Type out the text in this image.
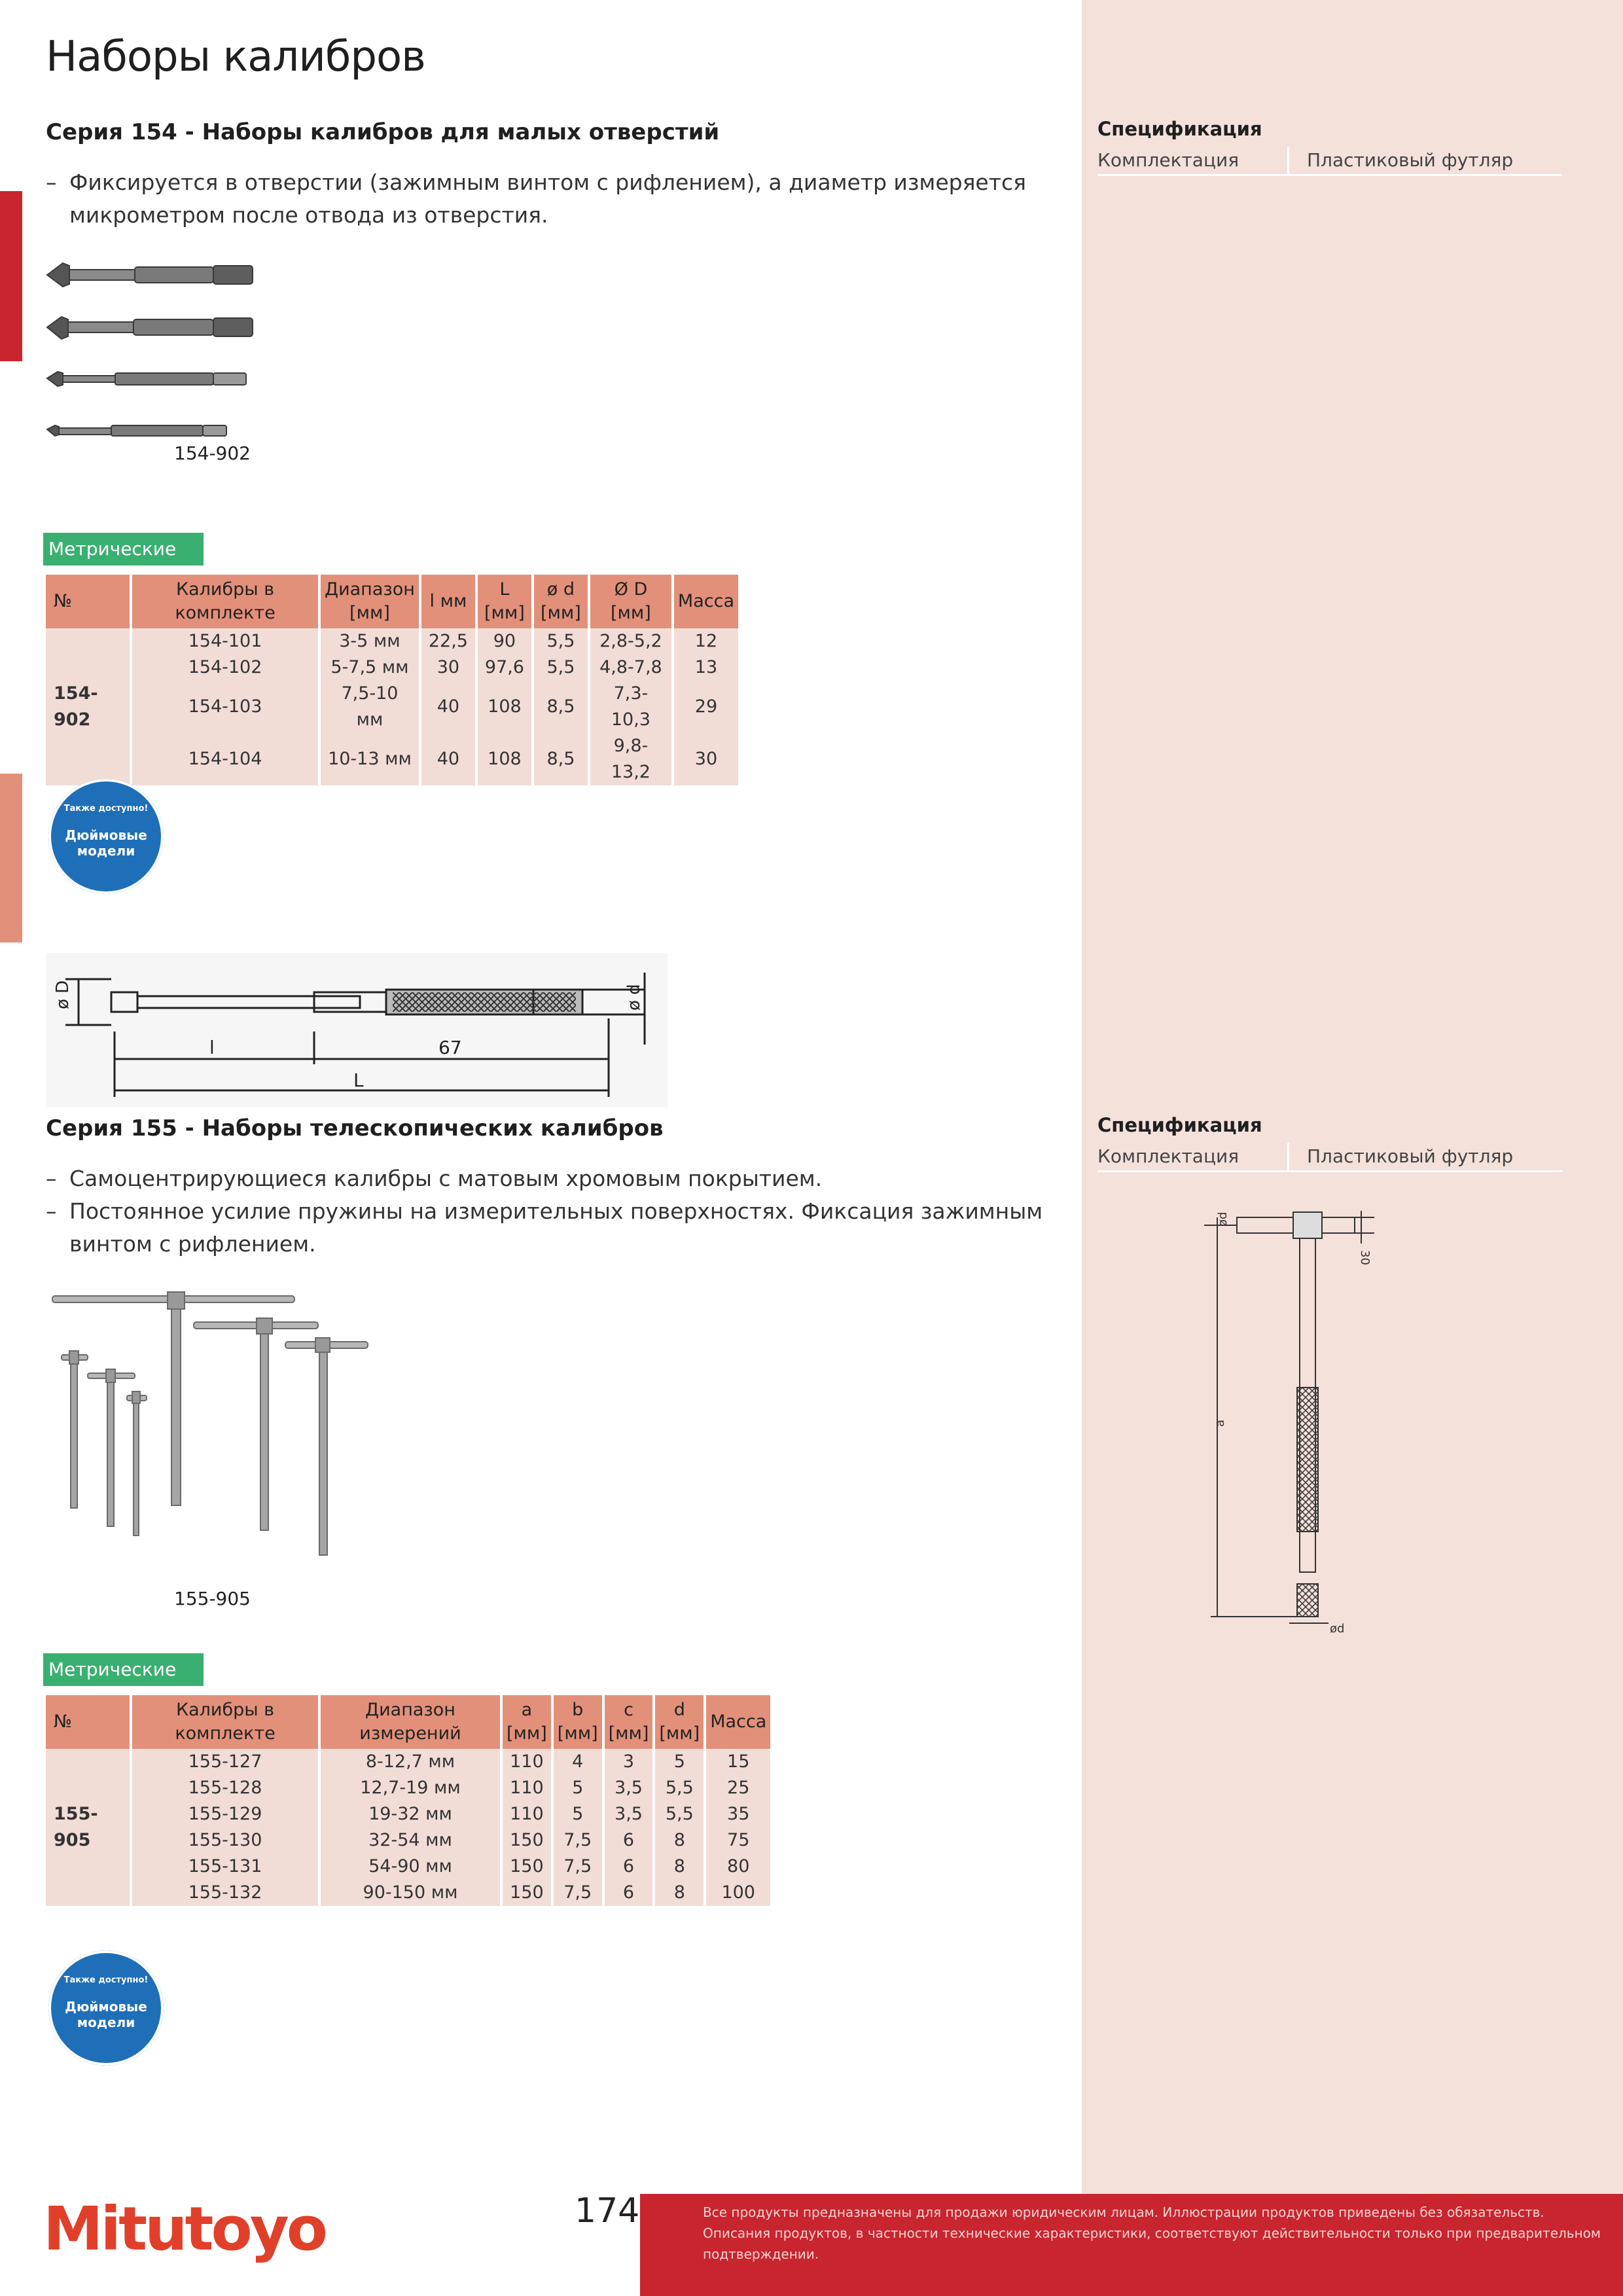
Наборы калибров
Серия 154 - Наборы калибров для малых отверстий
– Фиксируется в отверстии (зажимным винтом с рифлением), а диаметр измеряется микрометром после отвода из отверстия.
154-902
Метрические
№	Калибры в комплекте	Диапазон [мм]	l мм	L [мм]	ø d [мм]	Ø D [мм]	Масса
154-902	154-101	3-5 мм	22,5	90	5,5	2,8-5,2	12
	154-102	5-7,5 мм	30	97,6	5,5	4,8-7,8	13
	154-103	7,5-10 мм	40	108	8,5	7,3-10,3	29
	154-104	10-13 мм	40	108	8,5	9,8-13,2	30
Также доступно!
Дюймовые модели
ø D	ø d
l	67
L
Спецификация
Комплектация	Пластиковый футляр
Серия 155 - Наборы телескопических калибров
– Самоцентрирующиеся калибры с матовым хромовым покрытием.
– Постоянное усилие пружины на измерительных поверхностях. Фиксация зажимным винтом с рифлением.
155-905
Метрические
№	Калибры в комплекте	Диапазон измерений	a [мм]	b [мм]	c [мм]	d [мм]	Масса
155-905	155-127	8-12,7 мм	110	4	3	5	15
	155-128	12,7-19 мм	110	5	3,5	5,5	25
	155-129	19-32 мм	110	5	3,5	5,5	35
	155-130	32-54 мм	150	7,5	6	8	75
	155-131	54-90 мм	150	7,5	6	8	80
	155-132	90-150 мм	150	7,5	6	8	100
Также доступно!
Дюймовые модели
Спецификация
Комплектация	Пластиковый футляр
ød
30
a
ød
Mitutoyo	174	Все продукты предназначены для продажи юридическим лицам. Иллюстрации продуктов приведены без обязательств. Описания продуктов, в частности технические характеристики, соответствуют действительности только при предварительном подтверждении.
